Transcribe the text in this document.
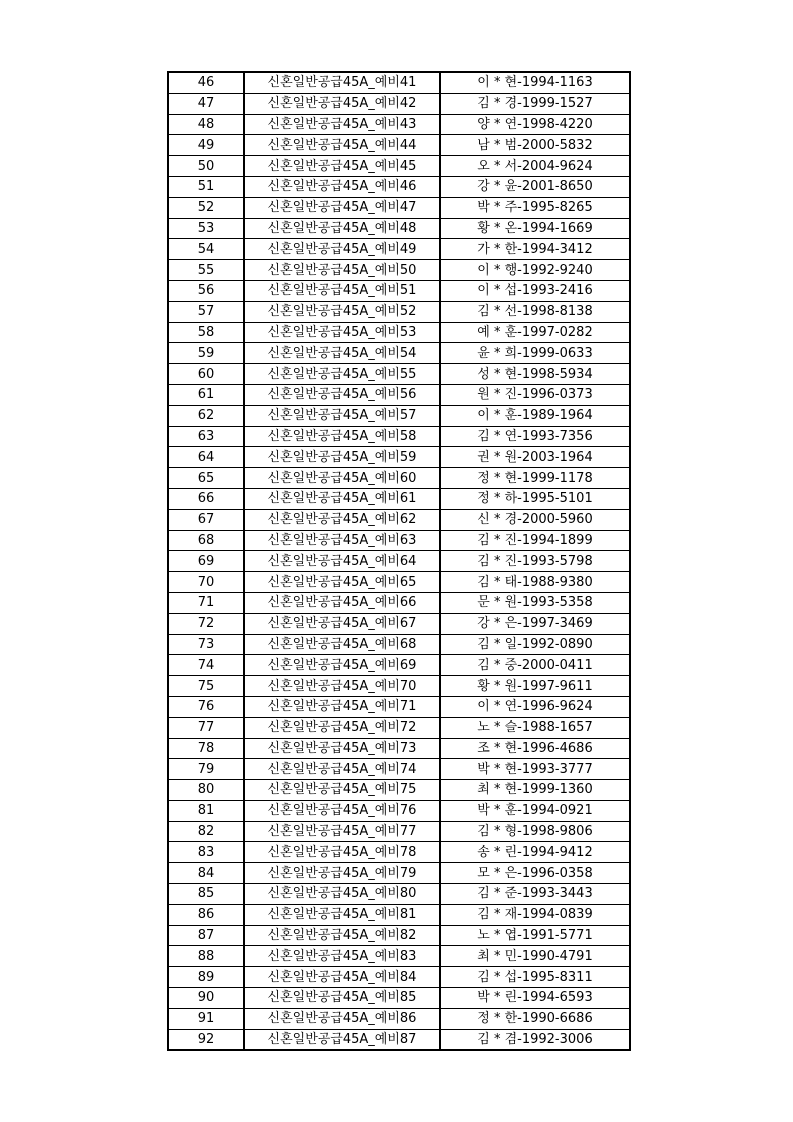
46	신혼일반공급45A_예비41	이 * 현-1994-1163
47	신혼일반공급45A_예비42	김 * 경-1999-1527
48	신혼일반공급45A_예비43	양 * 연-1998-4220
49	신혼일반공급45A_예비44	남 * 범-2000-5832
50	신혼일반공급45A_예비45	오 * 서-2004-9624
51	신혼일반공급45A_예비46	강 * 윤-2001-8650
52	신혼일반공급45A_예비47	박 * 주-1995-8265
53	신혼일반공급45A_예비48	황 * 온-1994-1669
54	신혼일반공급45A_예비49	가 * 한-1994-3412
55	신혼일반공급45A_예비50	이 * 행-1992-9240
56	신혼일반공급45A_예비51	이 * 섭-1993-2416
57	신혼일반공급45A_예비52	김 * 선-1998-8138
58	신혼일반공급45A_예비53	예 * 훈-1997-0282
59	신혼일반공급45A_예비54	윤 * 희-1999-0633
60	신혼일반공급45A_예비55	성 * 현-1998-5934
61	신혼일반공급45A_예비56	원 * 진-1996-0373
62	신혼일반공급45A_예비57	이 * 훈-1989-1964
63	신혼일반공급45A_예비58	김 * 연-1993-7356
64	신혼일반공급45A_예비59	권 * 원-2003-1964
65	신혼일반공급45A_예비60	정 * 현-1999-1178
66	신혼일반공급45A_예비61	정 * 하-1995-5101
67	신혼일반공급45A_예비62	신 * 경-2000-5960
68	신혼일반공급45A_예비63	김 * 진-1994-1899
69	신혼일반공급45A_예비64	김 * 진-1993-5798
70	신혼일반공급45A_예비65	김 * 태-1988-9380
71	신혼일반공급45A_예비66	문 * 원-1993-5358
72	신혼일반공급45A_예비67	강 * 은-1997-3469
73	신혼일반공급45A_예비68	김 * 일-1992-0890
74	신혼일반공급45A_예비69	김 * 중-2000-0411
75	신혼일반공급45A_예비70	황 * 원-1997-9611
76	신혼일반공급45A_예비71	이 * 연-1996-9624
77	신혼일반공급45A_예비72	노 * 슬-1988-1657
78	신혼일반공급45A_예비73	조 * 현-1996-4686
79	신혼일반공급45A_예비74	박 * 현-1993-3777
80	신혼일반공급45A_예비75	최 * 현-1999-1360
81	신혼일반공급45A_예비76	박 * 훈-1994-0921
82	신혼일반공급45A_예비77	김 * 형-1998-9806
83	신혼일반공급45A_예비78	송 * 린-1994-9412
84	신혼일반공급45A_예비79	모 * 은-1996-0358
85	신혼일반공급45A_예비80	김 * 준-1993-3443
86	신혼일반공급45A_예비81	김 * 재-1994-0839
87	신혼일반공급45A_예비82	노 * 엽-1991-5771
88	신혼일반공급45A_예비83	최 * 민-1990-4791
89	신혼일반공급45A_예비84	김 * 섭-1995-8311
90	신혼일반공급45A_예비85	박 * 린-1994-6593
91	신혼일반공급45A_예비86	정 * 한-1990-6686
92	신혼일반공급45A_예비87	김 * 겸-1992-3006
